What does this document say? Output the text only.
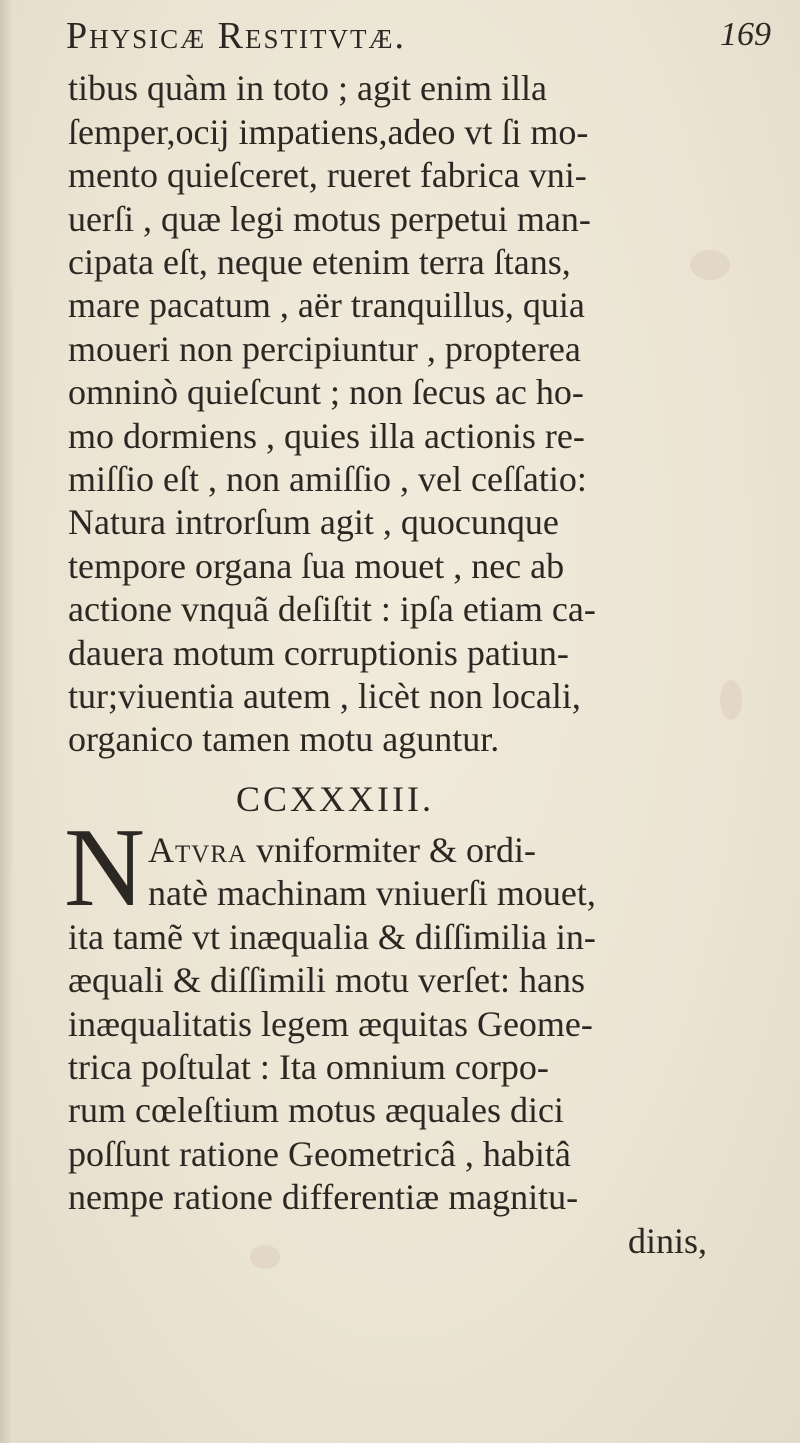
Physicæ Restitvtæ.	169
tibus quàm in toto ; agit enim illa
ſemper,ocij impatiens,adeo vt ſi mo-
mento quieſceret, rueret fabrica vni-
uerſi , quæ legi motus perpetui man-
cipata eſt, neque etenim terra ſtans,
mare pacatum , aër tranquillus, quia
moueri non percipiuntur , propterea
omninò quieſcunt ; non ſecus ac ho-
mo dormiens , quies illa actionis re-
miſſio eſt , non amiſſio , vel ceſſatio:
Natura introrſum agit , quocunque
tempore organa ſua mouet , nec ab
actione vnquã deſiſtit : ipſa etiam ca-
dauera motum corruptionis patiun-
tur;viuentia autem , licèt non locali,
organico tamen motu aguntur.
CCXXXIII.
N Atvra vniformiter & ordi-
natè machinam vniuerſi mouet,
ita tamẽ vt inæqualia & diſſimilia in-
æquali & diſſimili motu verſet: hans
inæqualitatis legem æquitas Geome-
trica poſtulat : Ita omnium corpo-
rum cœleſtium motus æquales dici
poſſunt ratione Geometricâ , habitâ
nempe ratione differentiæ magnitu-
dinis,
